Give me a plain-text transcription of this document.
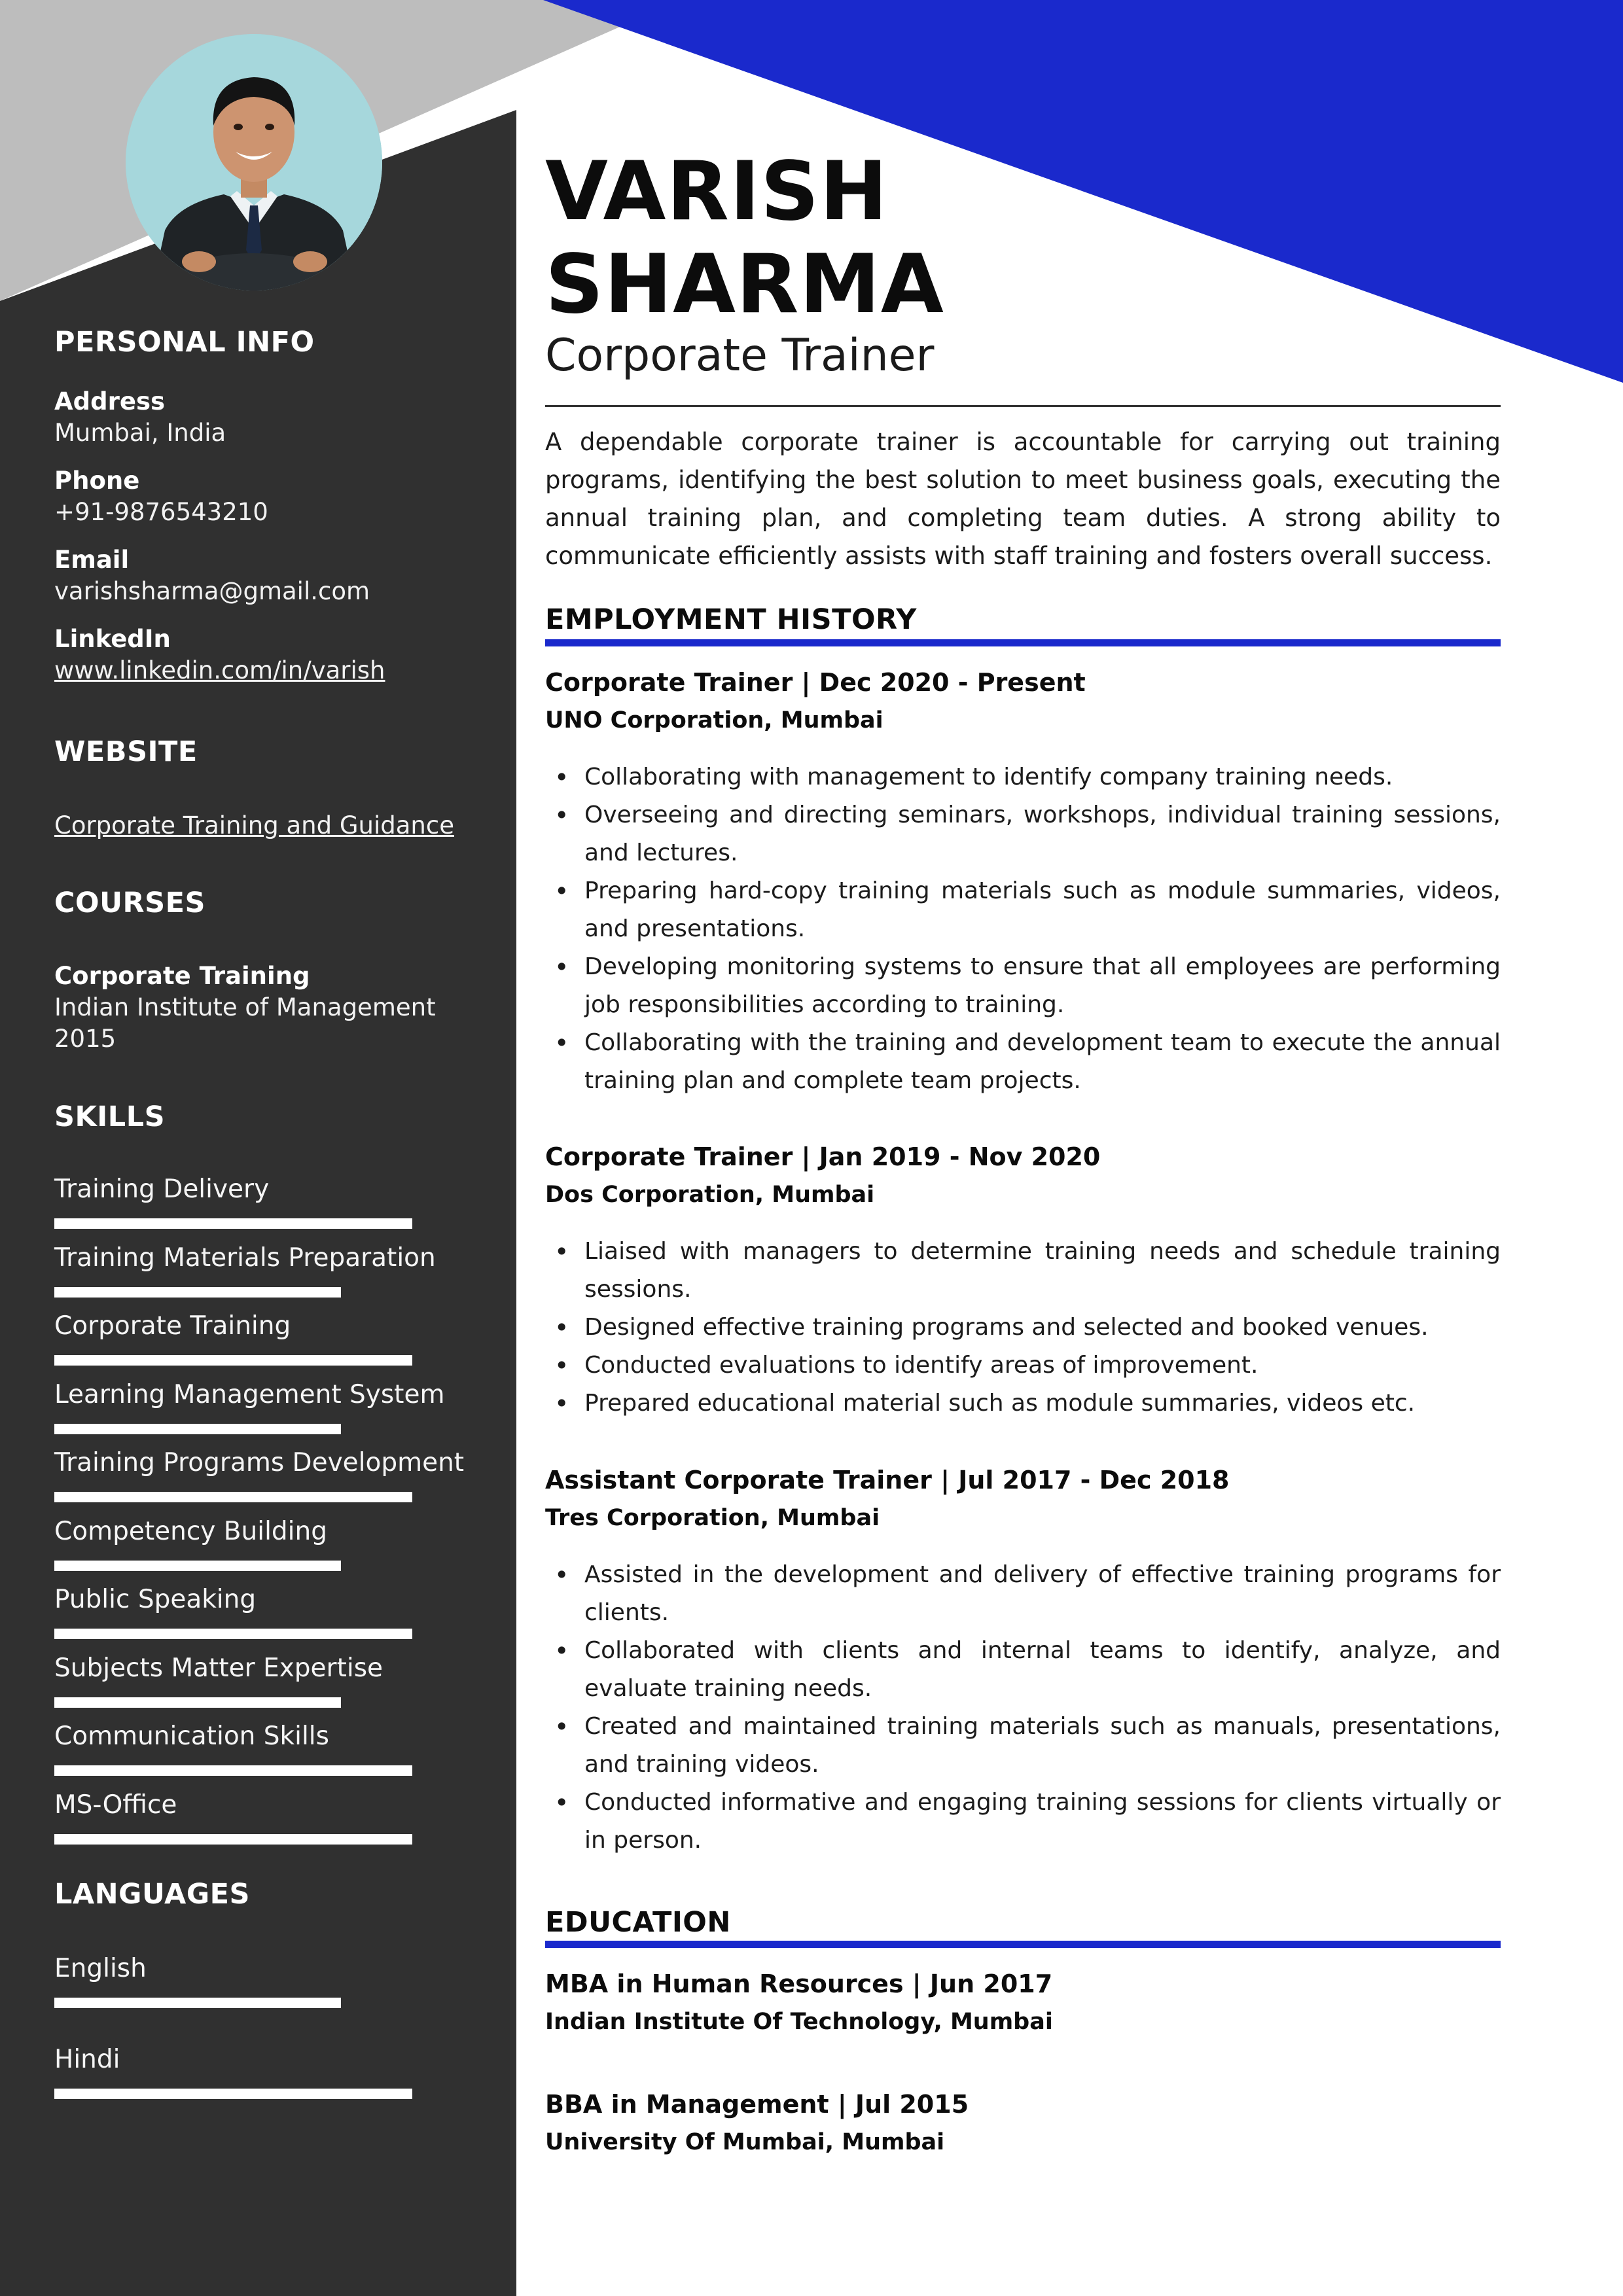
PERSONAL INFO
Address
Mumbai, India
Phone
+91-9876543210
Email
varishsharma@gmail.com
LinkedIn
www.linkedin.com/in/varish
WEBSITE
Corporate Training and Guidance
COURSES
Corporate Training
Indian Institute of Management
2015
SKILLS
Training Delivery
Training Materials Preparation
Corporate Training
Learning Management System
Training Programs Development
Competency Building
Public Speaking
Subjects Matter Expertise
Communication Skills
MS-Office
LANGUAGES
English
Hindi
VARISH
SHARMA
Corporate Trainer
A dependable corporate trainer is accountable for carrying out training programs, identifying the best solution to meet business goals, executing the annual training plan, and completing team duties. A strong ability to communicate efficiently assists with staff training and fosters overall success.
EMPLOYMENT HISTORY
Corporate Trainer | Dec 2020 - Present
UNO Corporation, Mumbai
• Collaborating with management to identify company training needs.
• Overseeing and directing seminars, workshops, individual training sessions, and lectures.
• Preparing hard-copy training materials such as module summaries, videos, and presentations.
• Developing monitoring systems to ensure that all employees are performing job responsibilities according to training.
• Collaborating with the training and development team to execute the annual training plan and complete team projects.
Corporate Trainer | Jan 2019 - Nov 2020
Dos Corporation, Mumbai
• Liaised with managers to determine training needs and schedule training sessions.
• Designed effective training programs and selected and booked venues.
• Conducted evaluations to identify areas of improvement.
• Prepared educational material such as module summaries, videos etc.
Assistant Corporate Trainer | Jul 2017 - Dec 2018
Tres Corporation, Mumbai
• Assisted in the development and delivery of effective training programs for clients.
• Collaborated with clients and internal teams to identify, analyze, and evaluate training needs.
• Created and maintained training materials such as manuals, presentations, and training videos.
• Conducted informative and engaging training sessions for clients virtually or in person.
EDUCATION
MBA in Human Resources | Jun 2017
Indian Institute Of Technology, Mumbai
BBA in Management | Jul 2015
University Of Mumbai, Mumbai
